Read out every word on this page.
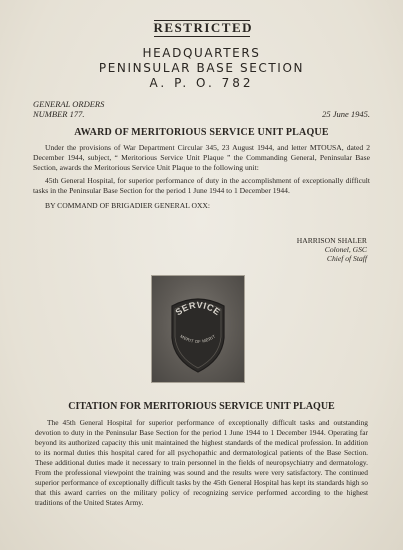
RESTRICTED
HEADQUARTERS
PENINSULAR BASE SECTION
A. P. O. 782
GENERAL ORDERS
NUMBER 177.	25 June 1945.
AWARD OF MERITORIOUS SERVICE UNIT PLAQUE

Under the provisions of War Department Circular 345, 23 August 1944, and letter MTOUSA, dated 2 December 1944, subject, “ Meritorious Service Unit Plaque ” the Commanding General, Peninsular Base Section, awards the Meritorious Service Unit Plaque to the following unit:

45th General Hospital, for superior performance of duty in the accomplishment of exceptionally difficult tasks in the Peninsular Base Section for the period 1 June 1944 to 1 December 1944.

BY COMMAND OF BRIGADIER GENERAL OXX:
HARRISON SHALER
Colonel, GSC
Chief of Staff
SERVICE
MERIT OF MERIT
CITATION FOR MERITORIOUS SERVICE UNIT PLAQUE

The 45th General Hospital for superior performance of exceptionally difficult tasks and outstanding devotion to duty in the Peninsular Base Section for the period 1 June 1944 to 1 December 1944. Operating far beyond its authorized capacity this unit maintained the highest standards of the medical profession. In addition to its normal duties this hospital cared for all psychopathic and dermatological patients of the Base Section. These additional duties made it necessary to train personnel in the fields of neuropsychiatry and dermatology. From the professional viewpoint the training was sound and the results were very satisfactory. The continued superior performance of exceptionally difficult tasks by the 45th General Hospital has kept its standards high so that this award carries on the military policy of recognizing service performed according to the highest traditions of the United States Army.
